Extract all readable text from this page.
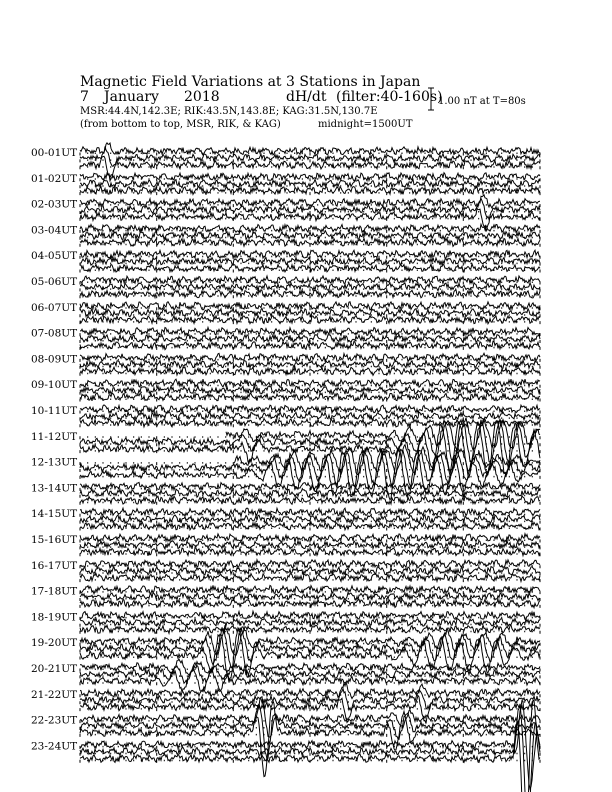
Magnetic Field Variations at 3 Stations in Japan
7 January 2018	dH/dt (filter:40-160s)
MSR:44.4N,142.3E; RIK:43.5N,143.8E; KAG:31.5N,130.7E
(from bottom to top, MSR, RIK, & KAG)	midnight=1500UT
1.00 nT at T=80s
00-01UT
01-02UT
02-03UT
03-04UT
04-05UT
05-06UT
06-07UT
07-08UT
08-09UT
09-10UT
10-11UT
11-12UT
12-13UT
13-14UT
14-15UT
15-16UT
16-17UT
17-18UT
18-19UT
19-20UT
20-21UT
21-22UT
22-23UT
23-24UT
